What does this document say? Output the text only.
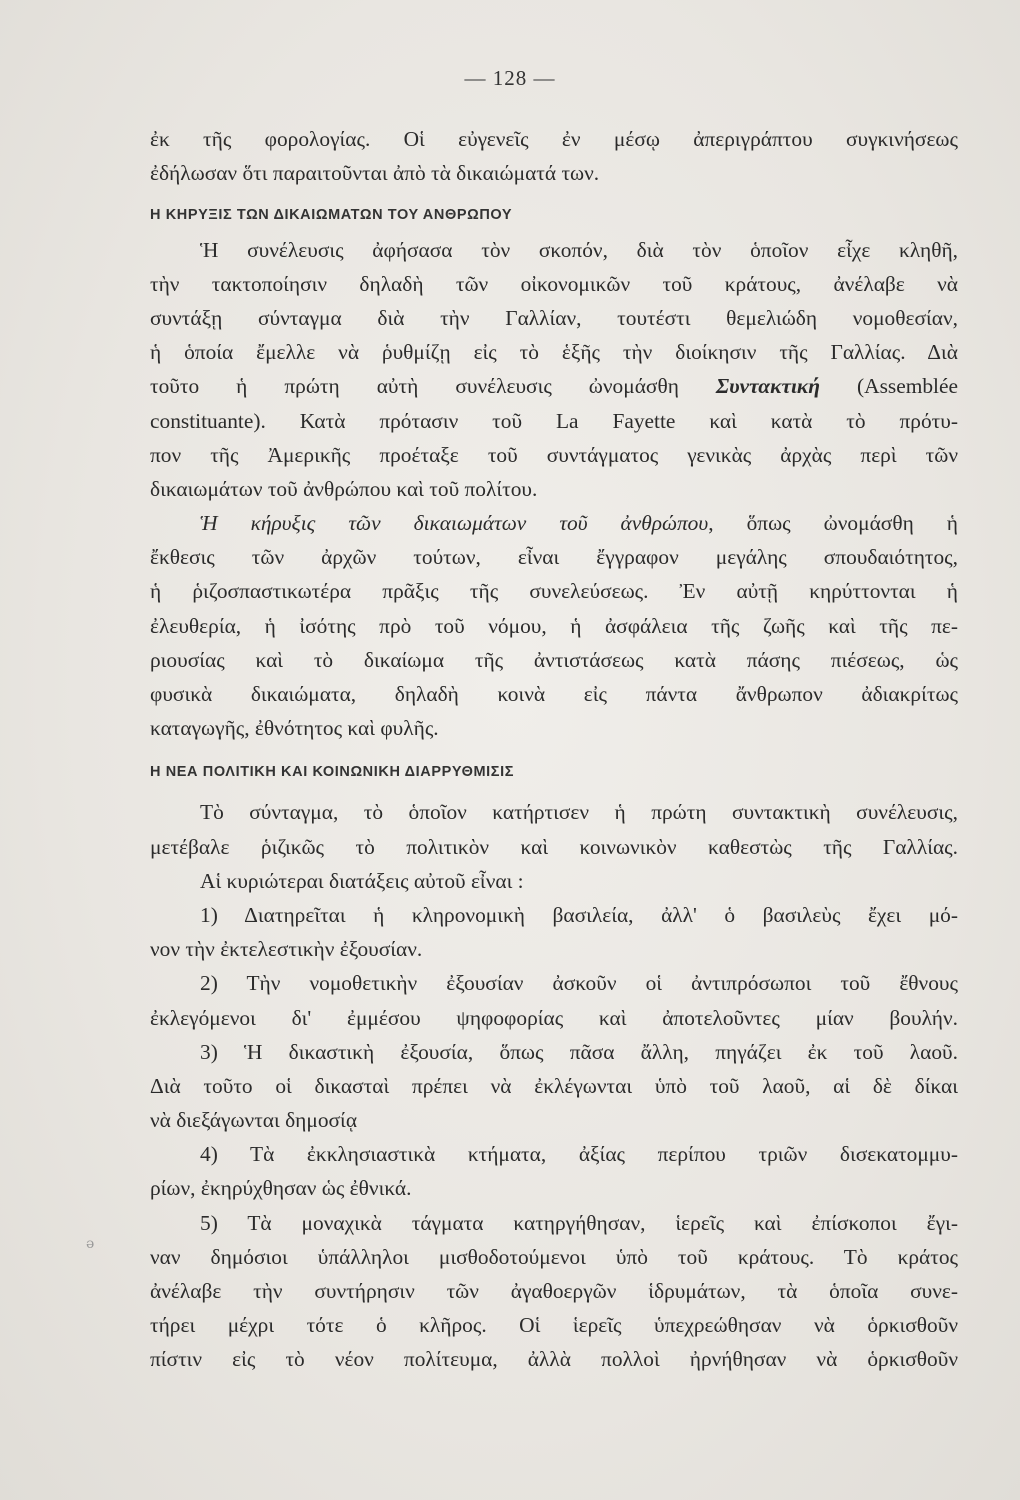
— 128 —
ə
ἐκ τῆς φορολογίας. Οἱ εὐγενεῖς ἐν μέσῳ ἀπεριγράπτου συγκινήσεως
ἐδήλωσαν ὅτι παραιτοῦνται ἀπὸ τὰ δικαιώματά των.
Η ΚΗΡΥΞΙΣ ΤΩΝ ΔΙΚΑΙΩΜΑΤΩΝ ΤΟΥ ΑΝΘΡΩΠΟΥ
Ἡ συνέλευσις ἀφήσασα τὸν σκοπόν, διὰ τὸν ὁποῖον εἶχε κληθῆ,
τὴν τακτοποίησιν δηλαδὴ τῶν οἰκονομικῶν τοῦ κράτους, ἀνέλαβε νὰ
συντάξῃ σύνταγμα διὰ τὴν Γαλλίαν, τουτέστι θεμελιώδη νομοθεσίαν,
ἡ ὁποία ἔμελλε νὰ ῥυθμίζῃ εἰς τὸ ἑξῆς τὴν διοίκησιν τῆς Γαλλίας. Διὰ
τοῦτο ἡ πρώτη αὐτὴ συνέλευσις ὠνομάσθη Συντακτική (Assemblée
constituante). Κατὰ πρότασιν τοῦ La Fayette καὶ κατὰ τὸ πρότυ-
πον τῆς Ἀμερικῆς προέταξε τοῦ συντάγματος γενικὰς ἀρχὰς περὶ τῶν
δικαιωμάτων τοῦ ἀνθρώπου καὶ τοῦ πολίτου.
Ἡ κήρυξις τῶν δικαιωμάτων τοῦ ἀνθρώπου, ὅπως ὠνομάσθη ἡ
ἔκθεσις τῶν ἀρχῶν τούτων, εἶναι ἔγγραφον μεγάλης σπουδαιότητος,
ἡ ῥιζοσπαστικωτέρα πρᾶξις τῆς συνελεύσεως. Ἐν αὐτῇ κηρύττονται ἡ
ἐλευθερία, ἡ ἰσότης πρὸ τοῦ νόμου, ἡ ἀσφάλεια τῆς ζωῆς καὶ τῆς πε-
ριουσίας καὶ τὸ δικαίωμα τῆς ἀντιστάσεως κατὰ πάσης πιέσεως, ὡς
φυσικὰ δικαιώματα, δηλαδὴ κοινὰ εἰς πάντα ἄνθρωπον ἀδιακρίτως
καταγωγῆς, ἐθνότητος καὶ φυλῆς.
Η ΝΕΑ ΠΟΛΙΤΙΚΗ ΚΑΙ ΚΟΙΝΩΝΙΚΗ ΔΙΑΡΡΥΘΜΙΣΙΣ
Τὸ σύνταγμα, τὸ ὁποῖον κατήρτισεν ἡ πρώτη συντακτικὴ συνέλευσις,
μετέβαλε ῥιζικῶς τὸ πολιτικὸν καὶ κοινωνικὸν καθεστὼς τῆς Γαλλίας.
Αἱ κυριώτεραι διατάξεις αὐτοῦ εἶναι :
1) Διατηρεῖται ἡ κληρονομικὴ βασιλεία, ἀλλ' ὁ βασιλεὺς ἔχει μό-
νον τὴν ἐκτελεστικὴν ἐξουσίαν.
2) Τὴν νομοθετικὴν ἐξουσίαν ἀσκοῦν οἱ ἀντιπρόσωποι τοῦ ἔθνους
ἐκλεγόμενοι δι' ἐμμέσου ψηφοφορίας καὶ ἀποτελοῦντες μίαν βουλήν.
3) Ἡ δικαστικὴ ἐξουσία, ὅπως πᾶσα ἄλλη, πηγάζει ἐκ τοῦ λαοῦ.
Διὰ τοῦτο οἱ δικασταὶ πρέπει νὰ ἐκλέγωνται ὑπὸ τοῦ λαοῦ, αἱ δὲ δίκαι
νὰ διεξάγωνται δημοσίᾳ
4) Τὰ ἐκκλησιαστικὰ κτήματα, ἀξίας περίπου τριῶν δισεκατομμυ-
ρίων, ἐκηρύχθησαν ὡς ἐθνικά.
5) Τὰ μοναχικὰ τάγματα κατηργήθησαν, ἱερεῖς καὶ ἐπίσκοποι ἔγι-
ναν δημόσιοι ὑπάλληλοι μισθοδοτούμενοι ὑπὸ τοῦ κράτους. Τὸ κράτος
ἀνέλαβε τὴν συντήρησιν τῶν ἀγαθοεργῶν ἱδρυμάτων, τὰ ὁποῖα συνε-
τήρει μέχρι τότε ὁ κλῆρος. Οἱ ἱερεῖς ὑπεχρεώθησαν νὰ ὁρκισθοῦν
πίστιν εἰς τὸ νέον πολίτευμα, ἀλλὰ πολλοὶ ἠρνήθησαν νὰ ὁρκισθοῦν
